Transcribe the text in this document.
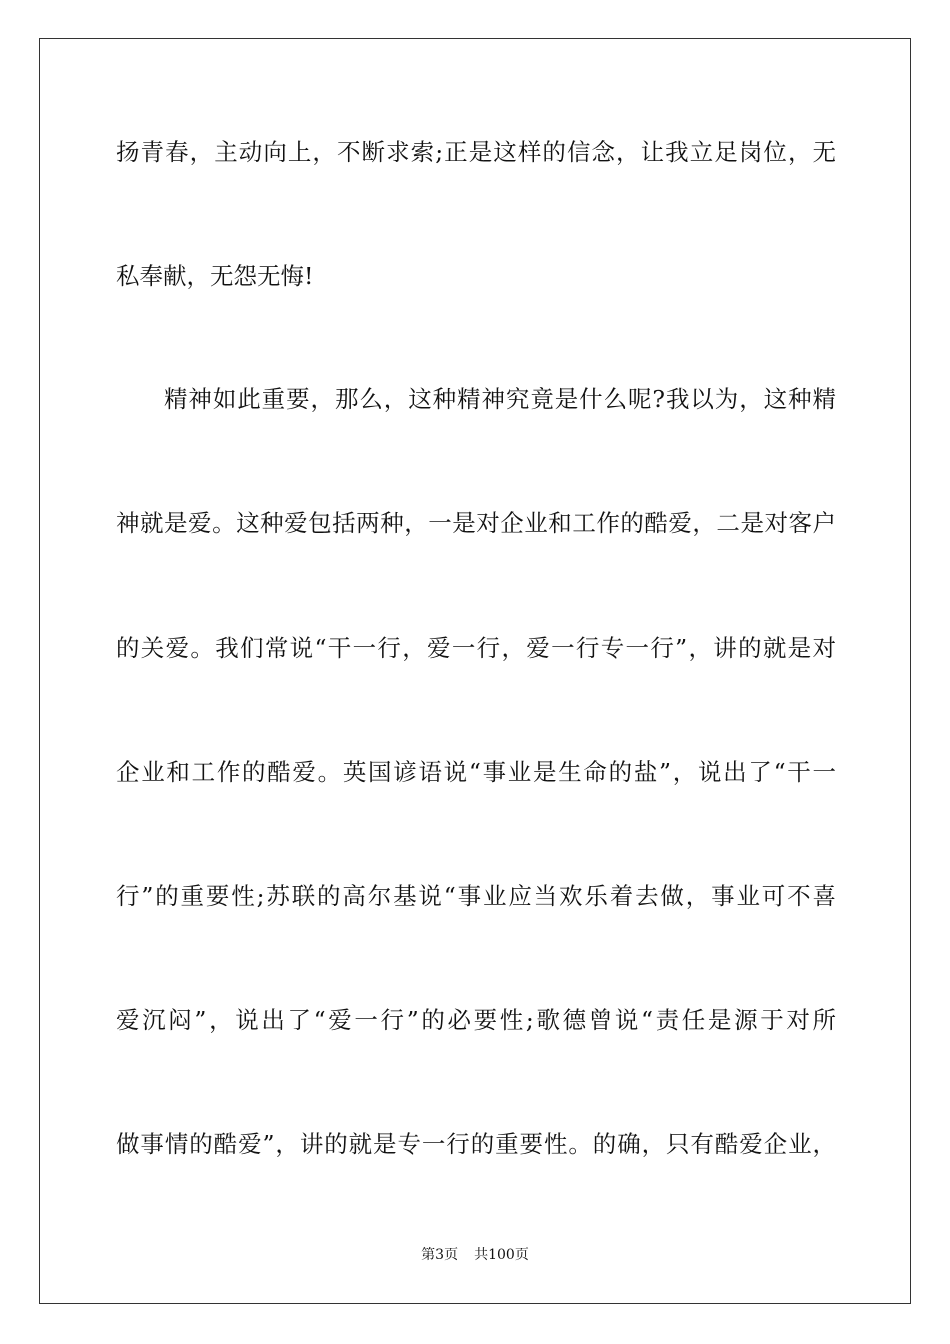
扬青春，主动向上，不断求索;正是这样的信念，让我立足岗位，无
私奉献，无怨无悔!
精神如此重要，那么，这种精神究竟是什么呢?我以为，这种精
神就是爱。这种爱包括两种，一是对企业和工作的酷爱，二是对客户
的关爱。我们常说“干一行，爱一行，爱一行专一行”，讲的就是对
企业和工作的酷爱。英国谚语说“事业是生命的盐”，说出了“干一
行”的重要性;苏联的高尔基说“事业应当欢乐着去做，事业可不喜
爱沉闷”，说出了“爱一行”的必要性;歌德曾说“责任是源于对所
做事情的酷爱”，讲的就是专一行的重要性。的确，只有酷爱企业，
第3页 共100页
